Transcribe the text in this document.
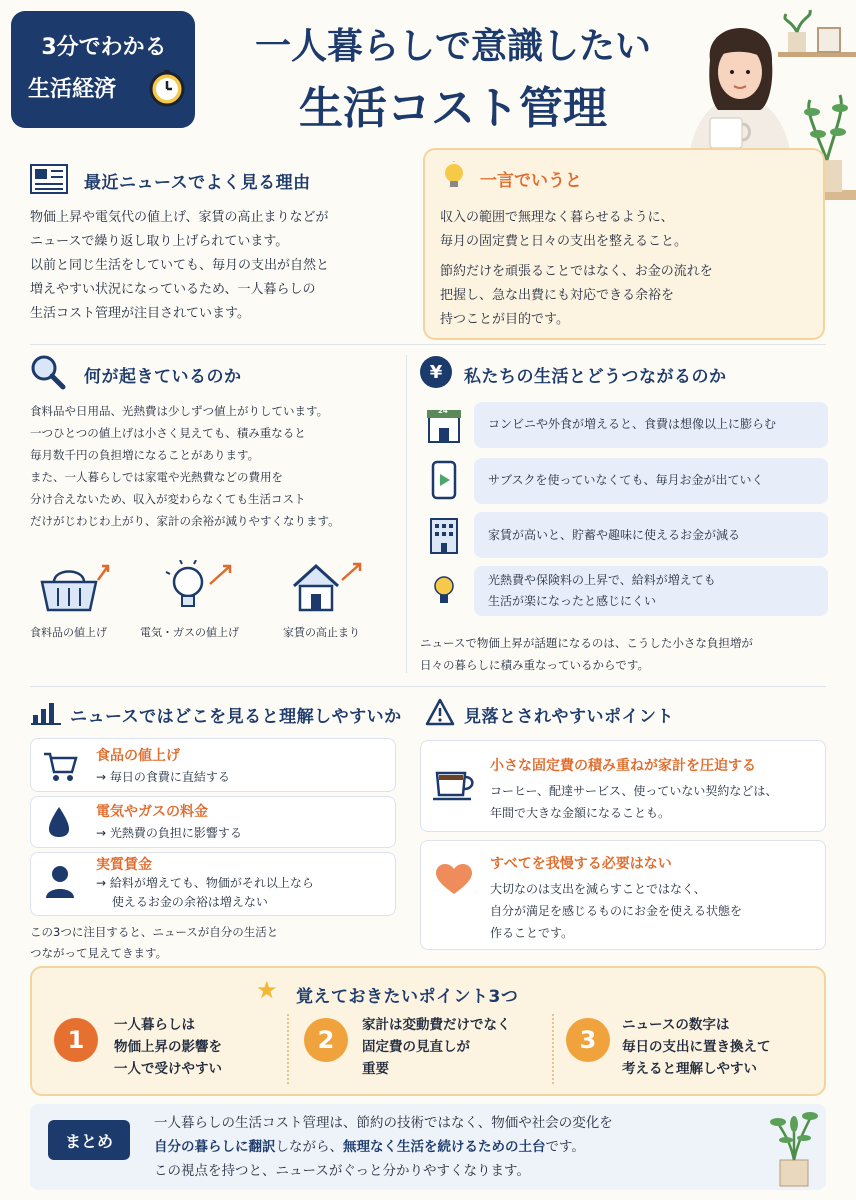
3分でわかる
生活経済
一人暮らしで意識したい
生活コスト管理
最近ニュースでよく見る理由
物価上昇や電気代の値上げ、家賃の高止まりなどが
ニュースで繰り返し取り上げられています。
以前と同じ生活をしていても、毎月の支出が自然と
増えやすい状況になっているため、一人暮らしの
生活コスト管理が注目されています。
一言でいうと
収入の範囲で無理なく暮らせるように、
毎月の固定費と日々の支出を整えること。
節約だけを頑張ることではなく、お金の流れを
把握し、急な出費にも対応できる余裕を
持つことが目的です。
何が起きているのか
食料品や日用品、光熱費は少しずつ値上がりしています。
一つひとつの値上げは小さく見えても、積み重なると
毎月数千円の負担増になることがあります。
また、一人暮らしでは家電や光熱費などの費用を
分け合えないため、収入が変わらなくても生活コスト
だけがじわじわ上がり、家計の余裕が減りやすくなります。
食料品の値上げ	電気・ガスの値上げ	家賃の高止まり
¥	私たちの生活とどうつながるのか
24
コンビニや外食が増えると、食費は想像以上に膨らむ
サブスクを使っていなくても、毎月お金が出ていく
家賃が高いと、貯蓄や趣味に使えるお金が減る
光熱費や保険料の上昇で、給料が増えても
生活が楽になったと感じにくい
ニュースで物価上昇が話題になるのは、こうした小さな負担増が
日々の暮らしに積み重なっているからです。
ニュースではどこを見ると理解しやすいか
食品の値上げ
→ 毎日の食費に直結する
電気やガスの料金
→ 光熱費の負担に影響する
実質賃金
→ 給料が増えても、物価がそれ以上なら
　 使えるお金の余裕は増えない
この3つに注目すると、ニュースが自分の生活と
つながって見えてきます。
見落とされやすいポイント
小さな固定費の積み重ねが家計を圧迫する
コーヒー、配達サービス、使っていない契約などは、
年間で大きな金額になることも。
すべてを我慢する必要はない
大切なのは支出を減らすことではなく、
自分が満足を感じるものにお金を使える状態を
作ることです。
★ 覚えておきたいポイント3つ
1
一人暮らしは
物価上昇の影響を
一人で受けやすい
2
家計は変動費だけでなく
固定費の見直しが
重要
3
ニュースの数字は
毎日の支出に置き換えて
考えると理解しやすい
まとめ
一人暮らしの生活コスト管理は、節約の技術ではなく、物価や社会の変化を
自分の暮らしに翻訳しながら、無理なく生活を続けるための土台です。
この視点を持つと、ニュースがぐっと分かりやすくなります。
